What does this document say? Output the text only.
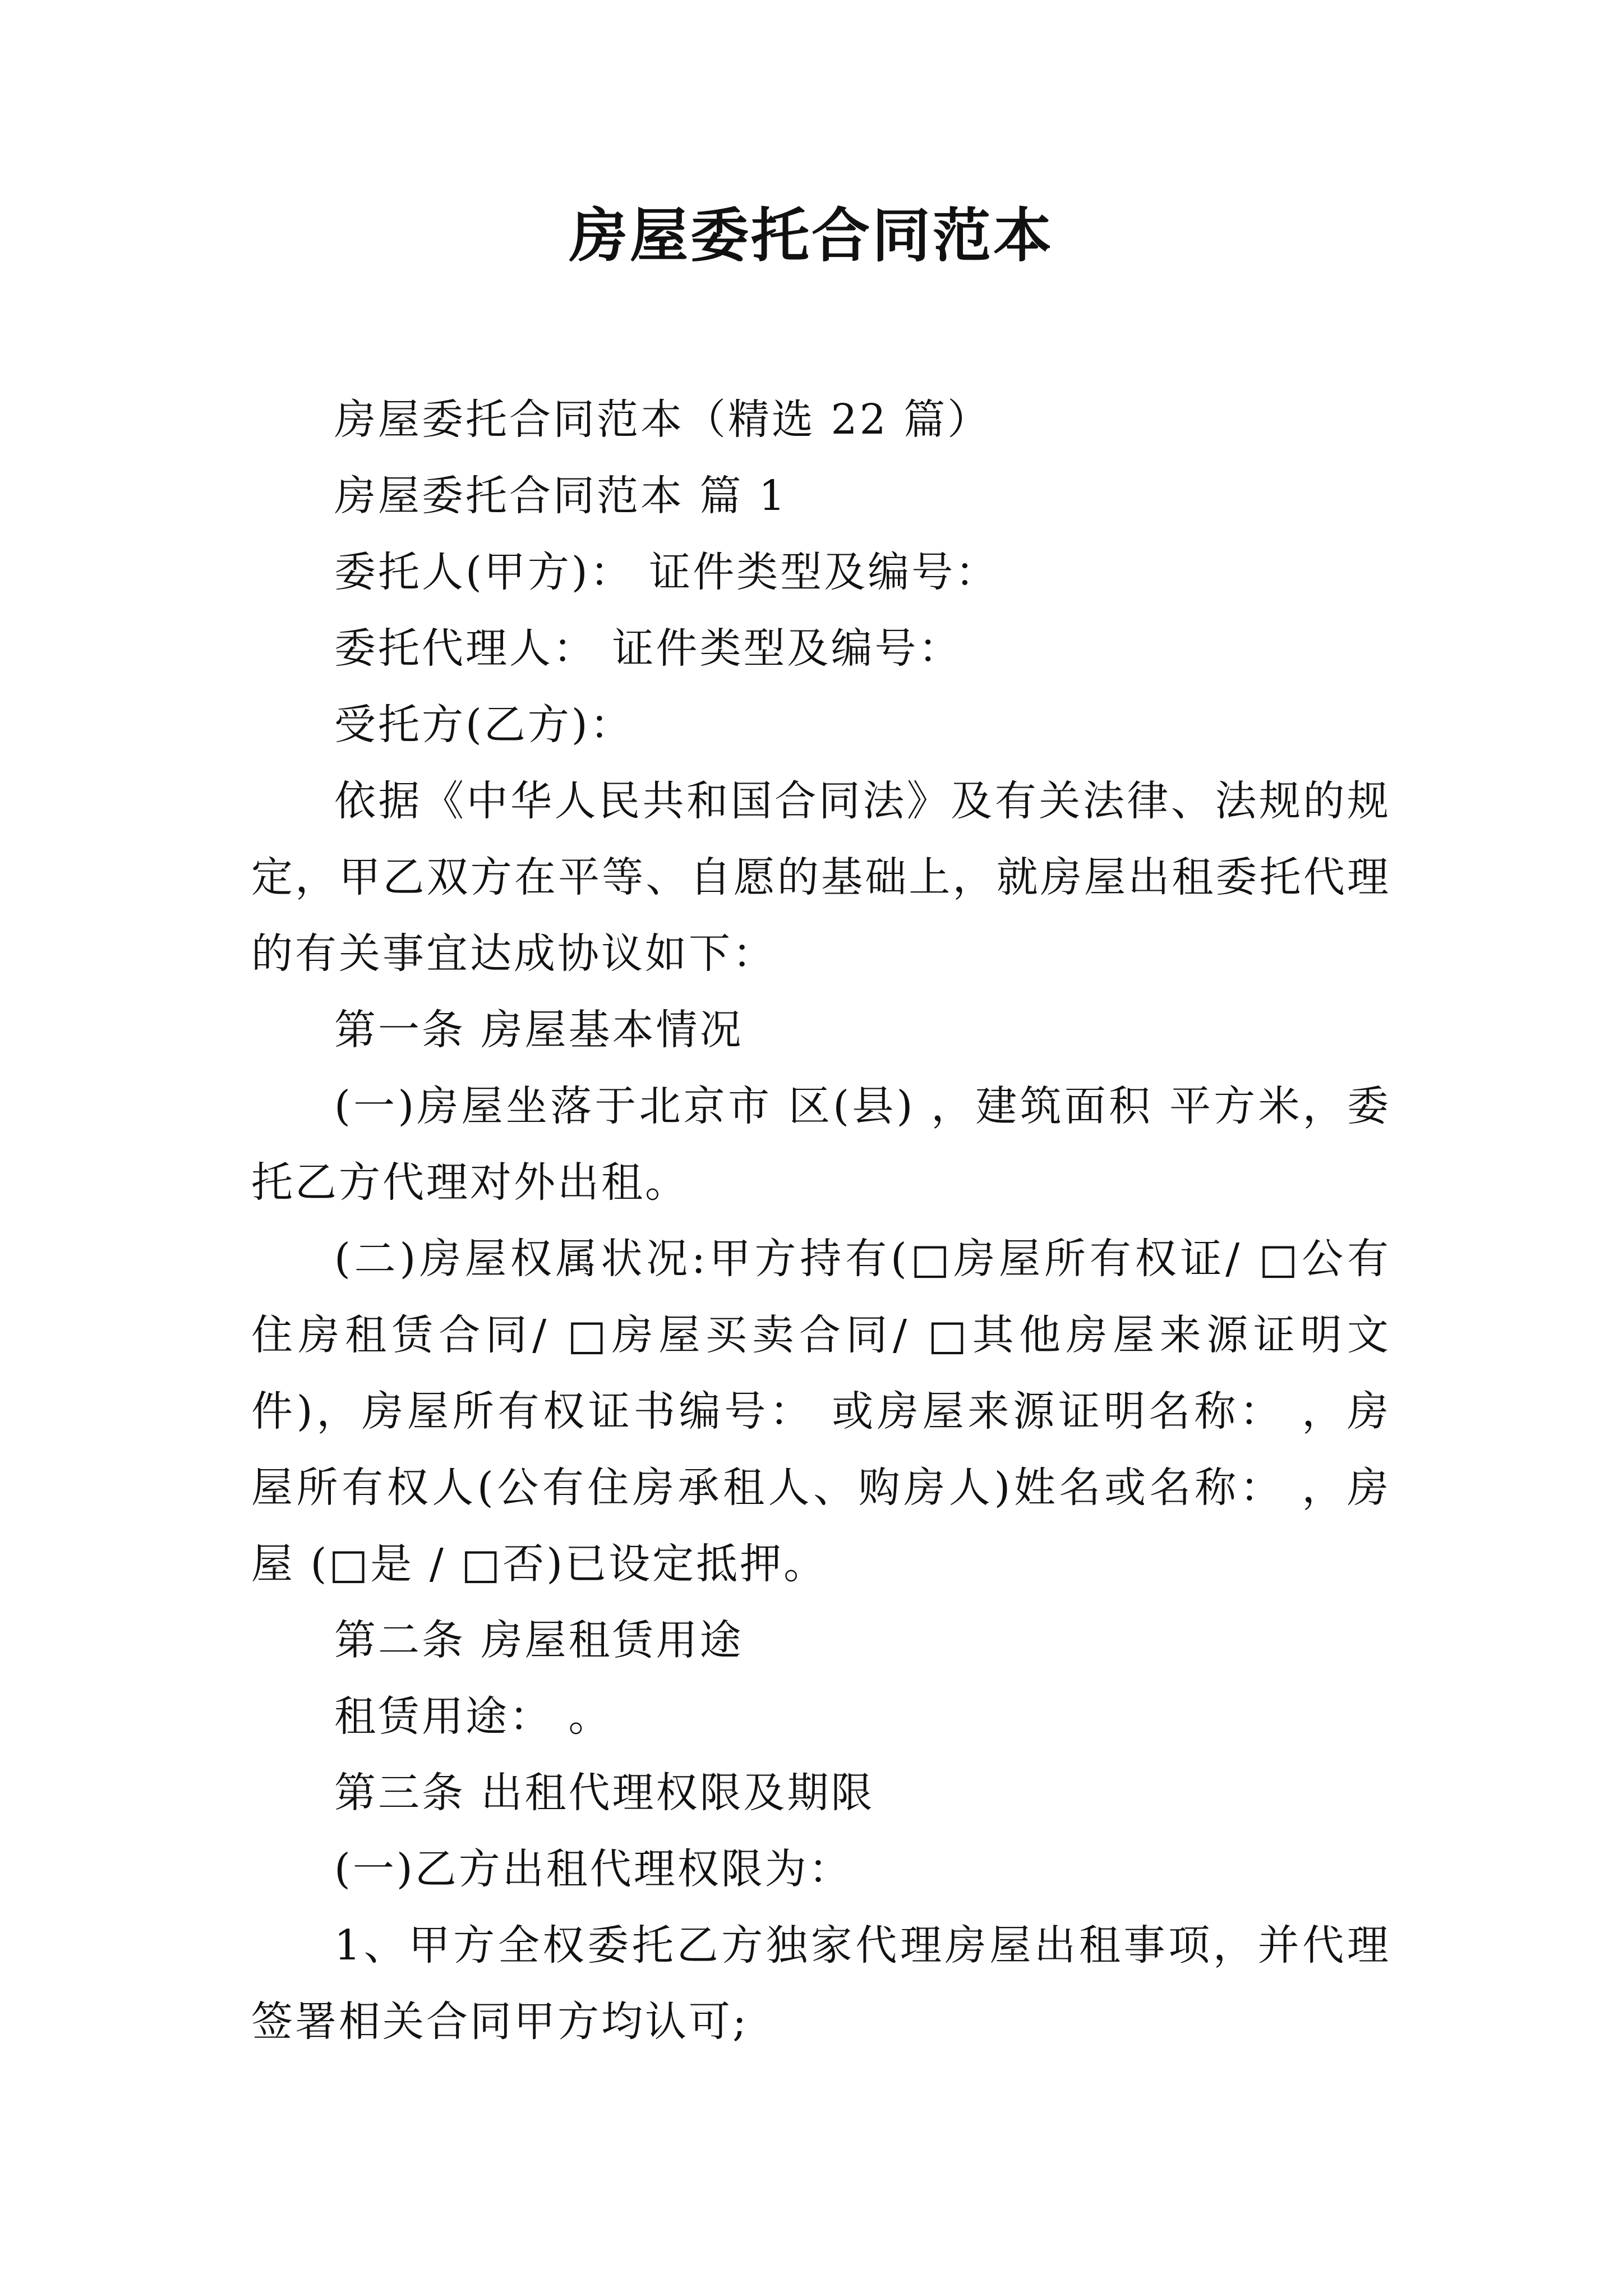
房屋委托合同范本

房屋委托合同范本（精选 22 篇）

房屋委托合同范本 篇 1

委托人(甲方)： 证件类型及编号：

委托代理人： 证件类型及编号：

受托方(乙方)：

依据《中华人民共和国合同法》及有关法律、法规的规定，甲乙双方在平等、自愿的基础上，就房屋出租委托代理的有关事宜达成协议如下：

第一条 房屋基本情况

(一)房屋坐落于北京市 区(县) ，建筑面积 平方米，委托乙方代理对外出租。

(二)房屋权属状况:甲方持有(□房屋所有权证/ □公有住房租赁合同/ □房屋买卖合同/ □其他房屋来源证明文件)，房屋所有权证书编号： 或房屋来源证明名称： ，房屋所有权人(公有住房承租人、购房人)姓名或名称： ，房屋 (□是 / □否)已设定抵押。

第二条 房屋租赁用途

租赁用途： 。

第三条 出租代理权限及期限

(一)乙方出租代理权限为：

1、甲方全权委托乙方独家代理房屋出租事项，并代理签署相关合同甲方均认可;
